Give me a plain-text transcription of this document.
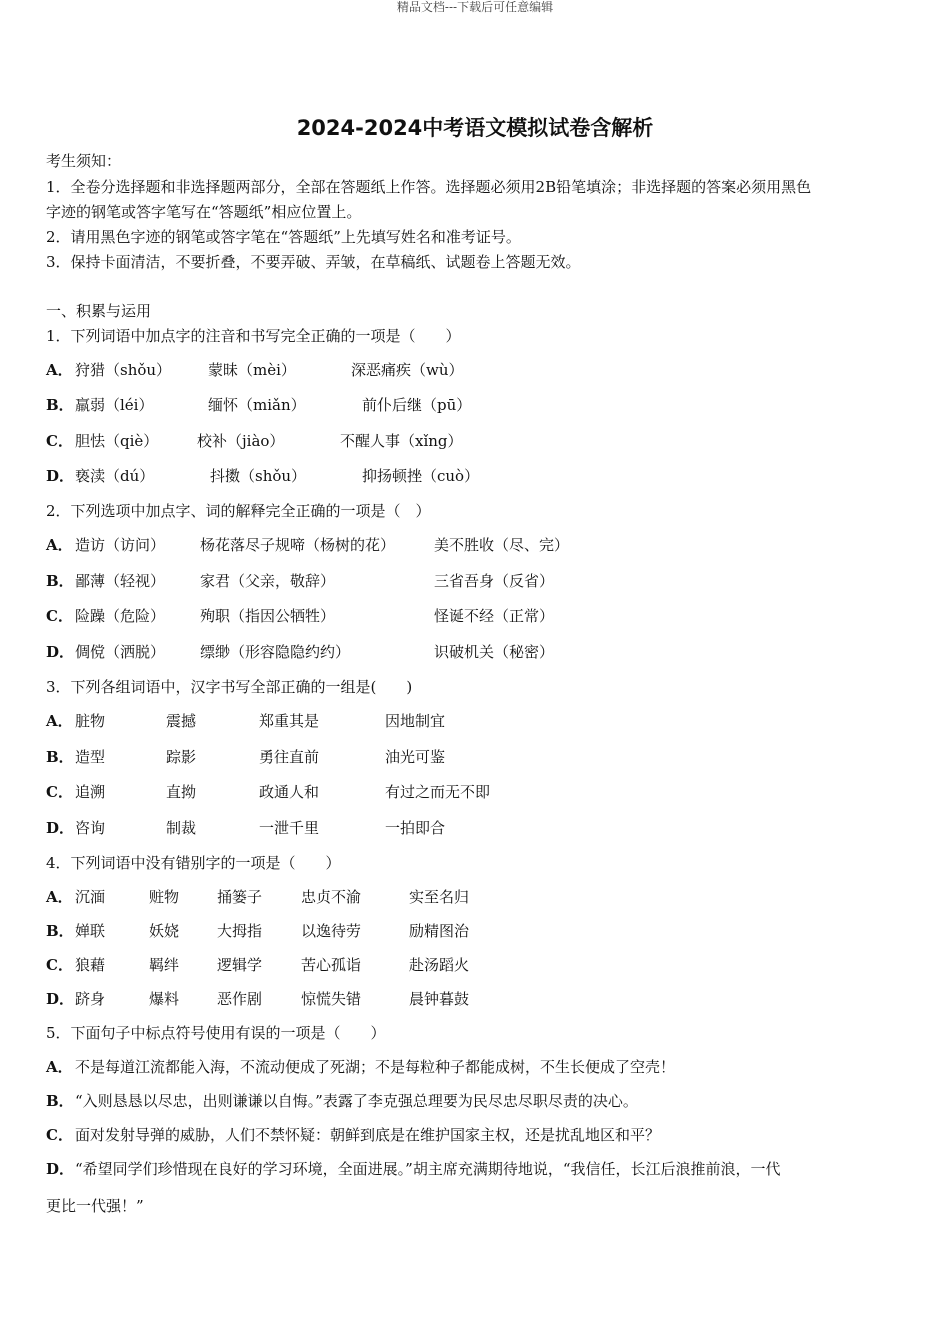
精品文档---下载后可任意编辑
2024-2024中考语文模拟试卷含解析
考生须知：
1．全卷分选择题和非选择题两部分，全部在答题纸上作答。选择题必须用2B铅笔填涂；非选择题的答案必须用黑色
字迹的钢笔或答字笔写在“答题纸”相应位置上。
2．请用黑色字迹的钢笔或答字笔在“答题纸”上先填写姓名和准考证号。
3．保持卡面清洁，不要折叠，不要弄破、弄皱，在草稿纸、试题卷上答题无效。
一、积累与运用
1．下列词语中加点字的注音和书写完全正确的一项是（　　）
A． 狩猎（shǒu） 蒙昧（mèi）	深恶痛疾（wù）
B． 羸弱（léi）	缅怀（miǎn）	前仆后继（pū）
C． 胆怯（qiè）	校补（jiào）	不醒人事（xǐng）
D． 亵渎（dú）	抖擞（shǒu）	抑扬顿挫（cuò）
2．下列选项中加点字、词的解释完全正确的一项是（　）
A． 造访（访问） 杨花落尽子规啼（杨树的花）	美不胜收（尽、完）
B． 鄙薄（轻视） 家君（父亲，敬辞）	三省吾身（反省）
C． 险躁（危险） 殉职（指因公牺牲）	怪诞不经（正常）
D． 倜傥（洒脱） 缥缈（形容隐隐约约）	识破机关（秘密）
3．下列各组词语中，汉字书写全部正确的一组是(　　)
A． 脏物	震撼	郑重其是	因地制宜
B． 造型	踪影	勇往直前	油光可鉴
C． 追溯	直拗	政通人和	有过之而无不即
D． 咨询	制裁	一泄千里	一拍即合
4．下列词语中没有错别字的一项是（　　）
A． 沉湎	赃物	捅篓子	忠贞不渝	实至名归
B． 婵联	妖娆	大拇指	以逸待劳	励精图治
C． 狼藉	羁绊	逻辑学	苦心孤诣	赴汤蹈火
D． 跻身	爆料	恶作剧	惊慌失错	晨钟暮鼓
5．下面句子中标点符号使用有误的一项是（　　）
A． 不是每道江流都能入海，不流动便成了死湖；不是每粒种子都能成树，不生长便成了空壳！
B． “入则恳恳以尽忠，出则谦谦以自悔。”表露了李克强总理要为民尽忠尽职尽责的决心。
C． 面对发射导弹的威胁，人们不禁怀疑：朝鲜到底是在维护国家主权，还是扰乱地区和平？
D． “希望同学们珍惜现在良好的学习环境，全面进展。”胡主席充满期待地说，“我信任，长江后浪推前浪，一代
更比一代强！”
